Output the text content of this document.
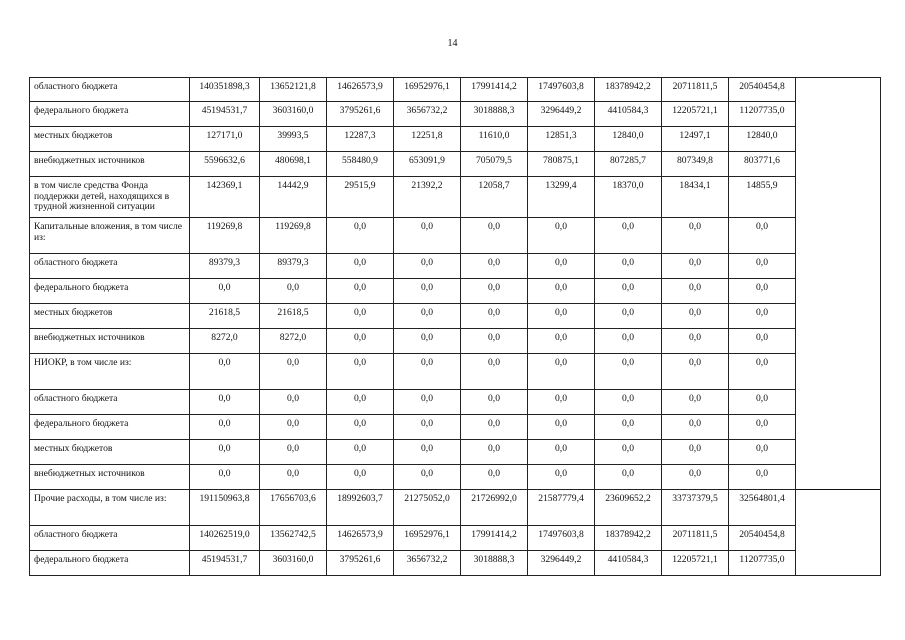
14
областного бюджета	140351898,3	13652121,8	14626573,9	16952976,1	17991414,2	17497603,8	18378942,2	20711811,5	20540454,8	
федерального бюджета	45194531,7	3603160,0	3795261,6	3656732,2	3018888,3	3296449,2	4410584,3	12205721,1	11207735,0	
местных бюджетов	127171,0	39993,5	12287,3	12251,8	11610,0	12851,3	12840,0	12497,1	12840,0	
внебюджетных источников	5596632,6	480698,1	558480,9	653091,9	705079,5	780875,1	807285,7	807349,8	803771,6	
в том числе средства Фонда поддержки детей, находящихся в трудной жизненной ситуации	142369,1	14442,9	29515,9	21392,2	12058,7	13299,4	18370,0	18434,1	14855,9	
Капитальные вложения, в том числе из:	119269,8	119269,8	0,0	0,0	0,0	0,0	0,0	0,0	0,0	
областного бюджета	89379,3	89379,3	0,0	0,0	0,0	0,0	0,0	0,0	0,0	
федерального бюджета	0,0	0,0	0,0	0,0	0,0	0,0	0,0	0,0	0,0	
местных бюджетов	21618,5	21618,5	0,0	0,0	0,0	0,0	0,0	0,0	0,0	
внебюджетных источников	8272,0	8272,0	0,0	0,0	0,0	0,0	0,0	0,0	0,0	
НИОКР, в том числе из:	0,0	0,0	0,0	0,0	0,0	0,0	0,0	0,0	0,0	
областного бюджета	0,0	0,0	0,0	0,0	0,0	0,0	0,0	0,0	0,0	
федерального бюджета	0,0	0,0	0,0	0,0	0,0	0,0	0,0	0,0	0,0	
местных бюджетов	0,0	0,0	0,0	0,0	0,0	0,0	0,0	0,0	0,0	
внебюджетных источников	0,0	0,0	0,0	0,0	0,0	0,0	0,0	0,0	0,0	
Прочие расходы, в том числе из:	191150963,8	17656703,6	18992603,7	21275052,0	21726992,0	21587779,4	23609652,2	33737379,5	32564801,4	
областного бюджета	140262519,0	13562742,5	14626573,9	16952976,1	17991414,2	17497603,8	18378942,2	20711811,5	20540454,8	
федерального бюджета	45194531,7	3603160,0	3795261,6	3656732,2	3018888,3	3296449,2	4410584,3	12205721,1	11207735,0	
